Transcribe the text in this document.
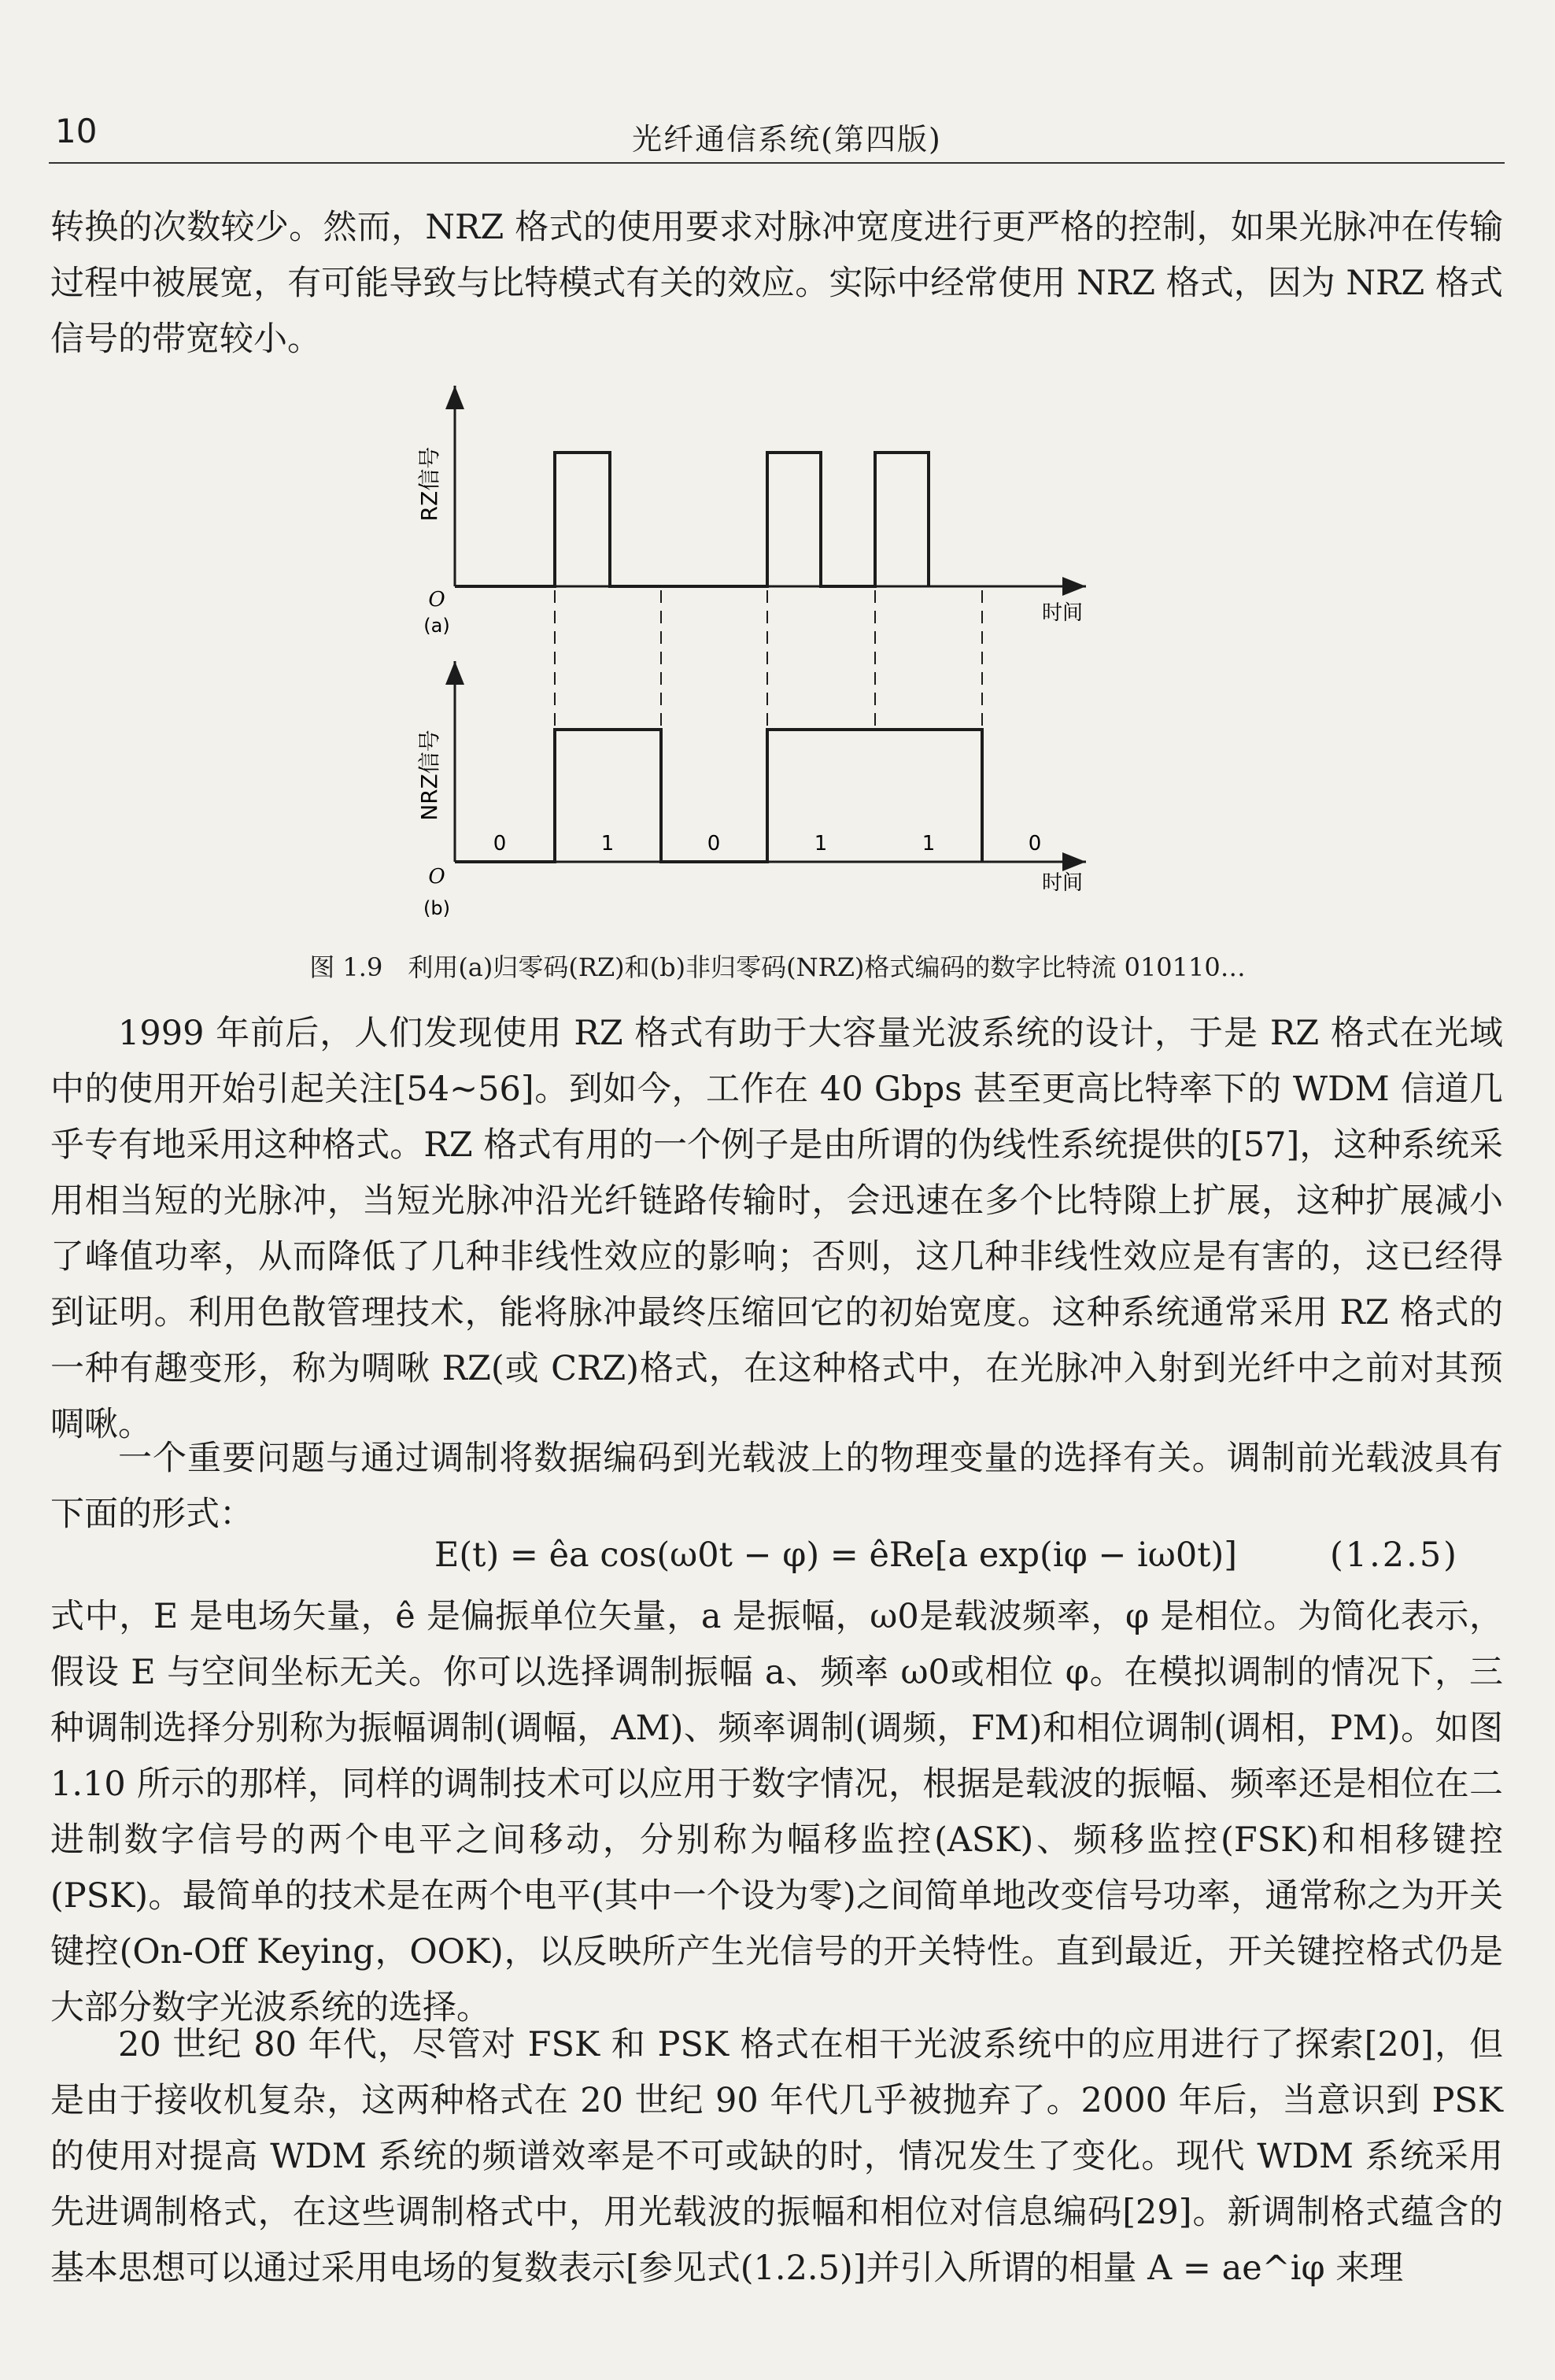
10	光纤通信系统(第四版)

转换的次数较少。然而，NRZ 格式的使用要求对脉冲宽度进行更严格的控制，如果光脉冲在传输过程中被展宽，有可能导致与比特模式有关的效应。实际中经常使用 NRZ 格式，因为 NRZ 格式信号的带宽较小。

RZ信号
O
(a)
时间
NRZ信号
O
(b)
时间
0	1	0	1	1	0
图 1.9　利用(a)归零码(RZ)和(b)非归零码(NRZ)格式编码的数字比特流 010110…

1999 年前后，人们发现使用 RZ 格式有助于大容量光波系统的设计，于是 RZ 格式在光域中的使用开始引起关注[54~56]。到如今，工作在 40 Gbps 甚至更高比特率下的 WDM 信道几乎专有地采用这种格式。RZ 格式有用的一个例子是由所谓的伪线性系统提供的[57]，这种系统采用相当短的光脉冲，当短光脉冲沿光纤链路传输时，会迅速在多个比特隙上扩展，这种扩展减小了峰值功率，从而降低了几种非线性效应的影响；否则，这几种非线性效应是有害的，这已经得到证明。利用色散管理技术，能将脉冲最终压缩回它的初始宽度。这种系统通常采用 RZ 格式的一种有趣变形，称为啁啾 RZ(或 CRZ)格式，在这种格式中，在光脉冲入射到光纤中之前对其预啁啾。

一个重要问题与通过调制将数据编码到光载波上的物理变量的选择有关。调制前光载波具有下面的形式：

E(t) = êa cos(ω0t − φ) = êRe[a exp(iφ − iω0t)]	(1.2.5)

式中，E 是电场矢量，ê 是偏振单位矢量，a 是振幅，ω0是载波频率，φ 是相位。为简化表示，假设 E 与空间坐标无关。你可以选择调制振幅 a、频率 ω0或相位 φ。在模拟调制的情况下，三种调制选择分别称为振幅调制(调幅，AM)、频率调制(调频，FM)和相位调制(调相，PM)。如图 1.10 所示的那样，同样的调制技术可以应用于数字情况，根据是载波的振幅、频率还是相位在二进制数字信号的两个电平之间移动，分别称为幅移监控(ASK)、频移监控(FSK)和相移键控(PSK)。最简单的技术是在两个电平(其中一个设为零)之间简单地改变信号功率，通常称之为开关键控(On-Off Keying，OOK)，以反映所产生光信号的开关特性。直到最近，开关键控格式仍是大部分数字光波系统的选择。

20 世纪 80 年代，尽管对 FSK 和 PSK 格式在相干光波系统中的应用进行了探索[20]，但是由于接收机复杂，这两种格式在 20 世纪 90 年代几乎被抛弃了。2000 年后，当意识到 PSK 的使用对提高 WDM 系统的频谱效率是不可或缺的时，情况发生了变化。现代 WDM 系统采用先进调制格式，在这些调制格式中，用光载波的振幅和相位对信息编码[29]。新调制格式蕴含的基本思想可以通过采用电场的复数表示[参见式(1.2.5)]并引入所谓的相量 A = ae^iφ 来理
